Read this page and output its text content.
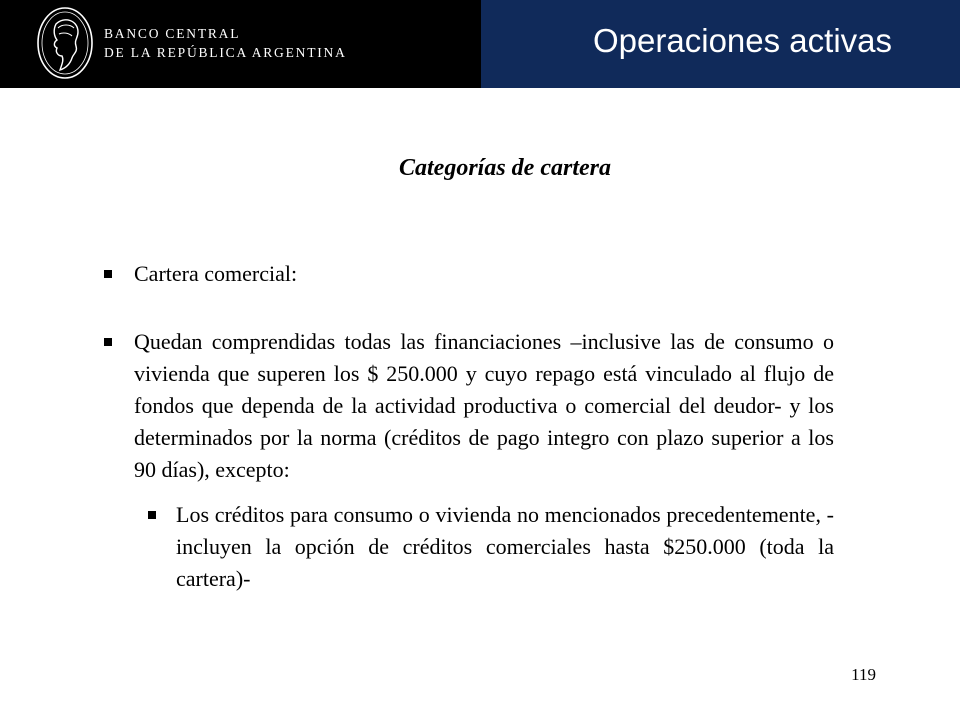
BANCO CENTRAL
DE LA REPÚBLICA ARGENTINA	Operaciones activas
Categorías de cartera
Cartera comercial:
Quedan comprendidas todas las financiaciones –inclusive las de consumo o vivienda que superen los $ 250.000 y cuyo repago está vinculado al flujo de fondos que dependa de la actividad productiva o comercial del deudor- y los determinados por la norma (créditos de pago integro con plazo superior a los 90 días), excepto:
Los créditos para consumo o vivienda no mencionados precedentemente, -incluyen la opción de créditos comerciales hasta $250.000 (toda la cartera)-
119
